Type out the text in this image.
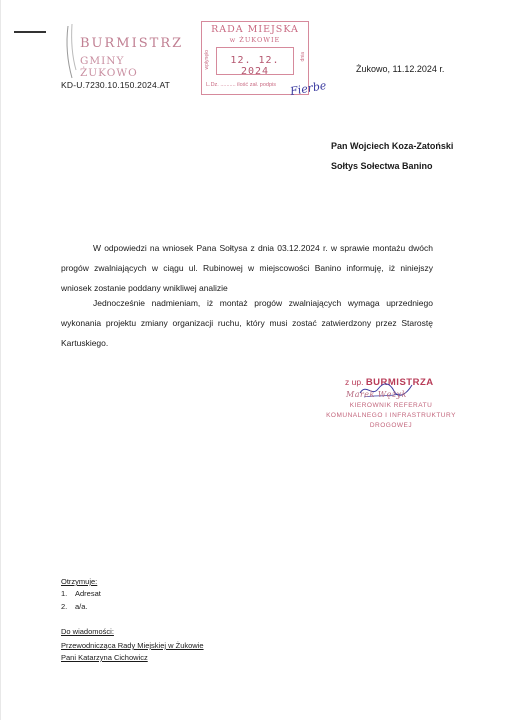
BURMISTRZ
GMINY ŻUKOWO
KD-U.7230.10.150.2024.AT
RADA MIEJSKA
w ŻUKOWIE
wpłynęło	12. 12. 2024
dnia
L.Dz. .......... ilość zał. podpis Fierbe
Żukowo, 11.12.2024 r.
Pan Wojciech Koza-Zatoński
Sołtys Sołectwa Banino
W odpowiedzi na wniosek Pana Sołtysa z dnia 03.12.2024 r. w sprawie montażu dwóch progów zwalniających w ciągu ul. Rubinowej w miejscowości Banino informuję, iż niniejszy wniosek zostanie poddany wnikliwej analizie
Jednocześnie nadmieniam, iż montaż progów zwalniających wymaga uprzedniego wykonania projektu zmiany organizacji ruchu, który musi zostać zatwierdzony przez Starostę Kartuskiego.
z up. BURMISTRZA
Marek Wężyk
KIEROWNIK REFERATU
KOMUNALNEGO I INFRASTRUKTURY
DROGOWEJ
Otrzymuje:
1. Adresat
2. a/a.
Do wiadomości:
Przewodnicząca Rady Miejskiej w Żukowie
Pani Katarzyna Cichowicz
